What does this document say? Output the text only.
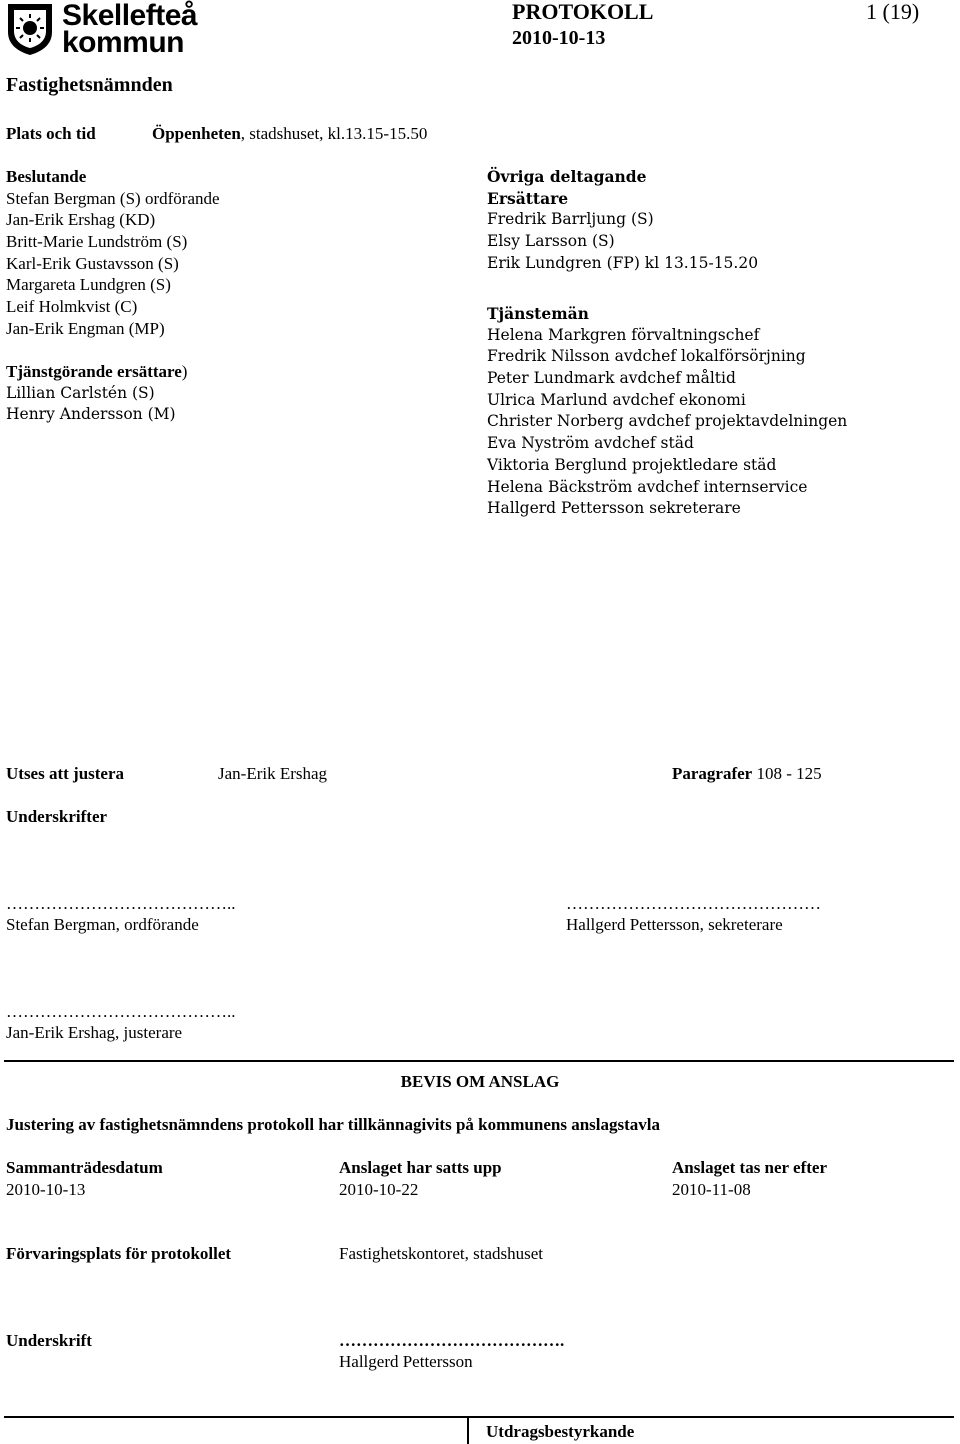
Skellefteå
kommun
PROTOKOLL	1 (19)
2010-10-13
Fastighetsnämnden
Plats och tid	Öppenheten, stadshuset, kl.13.15-15.50
Beslutande
Stefan Bergman (S) ordförande
Jan-Erik Ershag (KD)
Britt-Marie Lundström (S)
Karl-Erik Gustavsson (S)
Margareta Lundgren (S)
Leif Holmkvist (C)
Jan-Erik Engman (MP)
Tjänstgörande ersättare)
Lillian Carlstén (S)
Henry Andersson (M)
Övriga deltagande
Ersättare
Fredrik Barrljung (S)
Elsy Larsson (S)
Erik Lundgren (FP) kl 13.15-15.20
Tjänstemän
Helena Markgren förvaltningschef
Fredrik Nilsson avdchef lokalförsörjning
Peter Lundmark avdchef måltid
Ulrica Marlund avdchef ekonomi
Christer Norberg avdchef projektavdelningen
Eva Nyström avdchef städ
Viktoria Berglund projektledare städ
Helena Bäckström avdchef internservice
Hallgerd Pettersson sekreterare
Utses att justera	Jan-Erik Ershag	Paragrafer 108 - 125
Underskrifter
…………………………………..
Stefan Bergman, ordförande
………………………………………
Hallgerd Pettersson, sekreterare
…………………………………..
Jan-Erik Ershag, justerare
BEVIS OM ANSLAG
Justering av fastighetsnämndens protokoll har tillkännagivits på kommunens anslagstavla
Sammanträdesdatum
2010-10-13
Anslaget har satts upp
2010-10-22
Anslaget tas ner efter
2010-11-08
Förvaringsplats för protokollet	Fastighetskontoret, stadshuset
Underskrift	………………………………….
Hallgerd Pettersson
Utdragsbestyrkande
